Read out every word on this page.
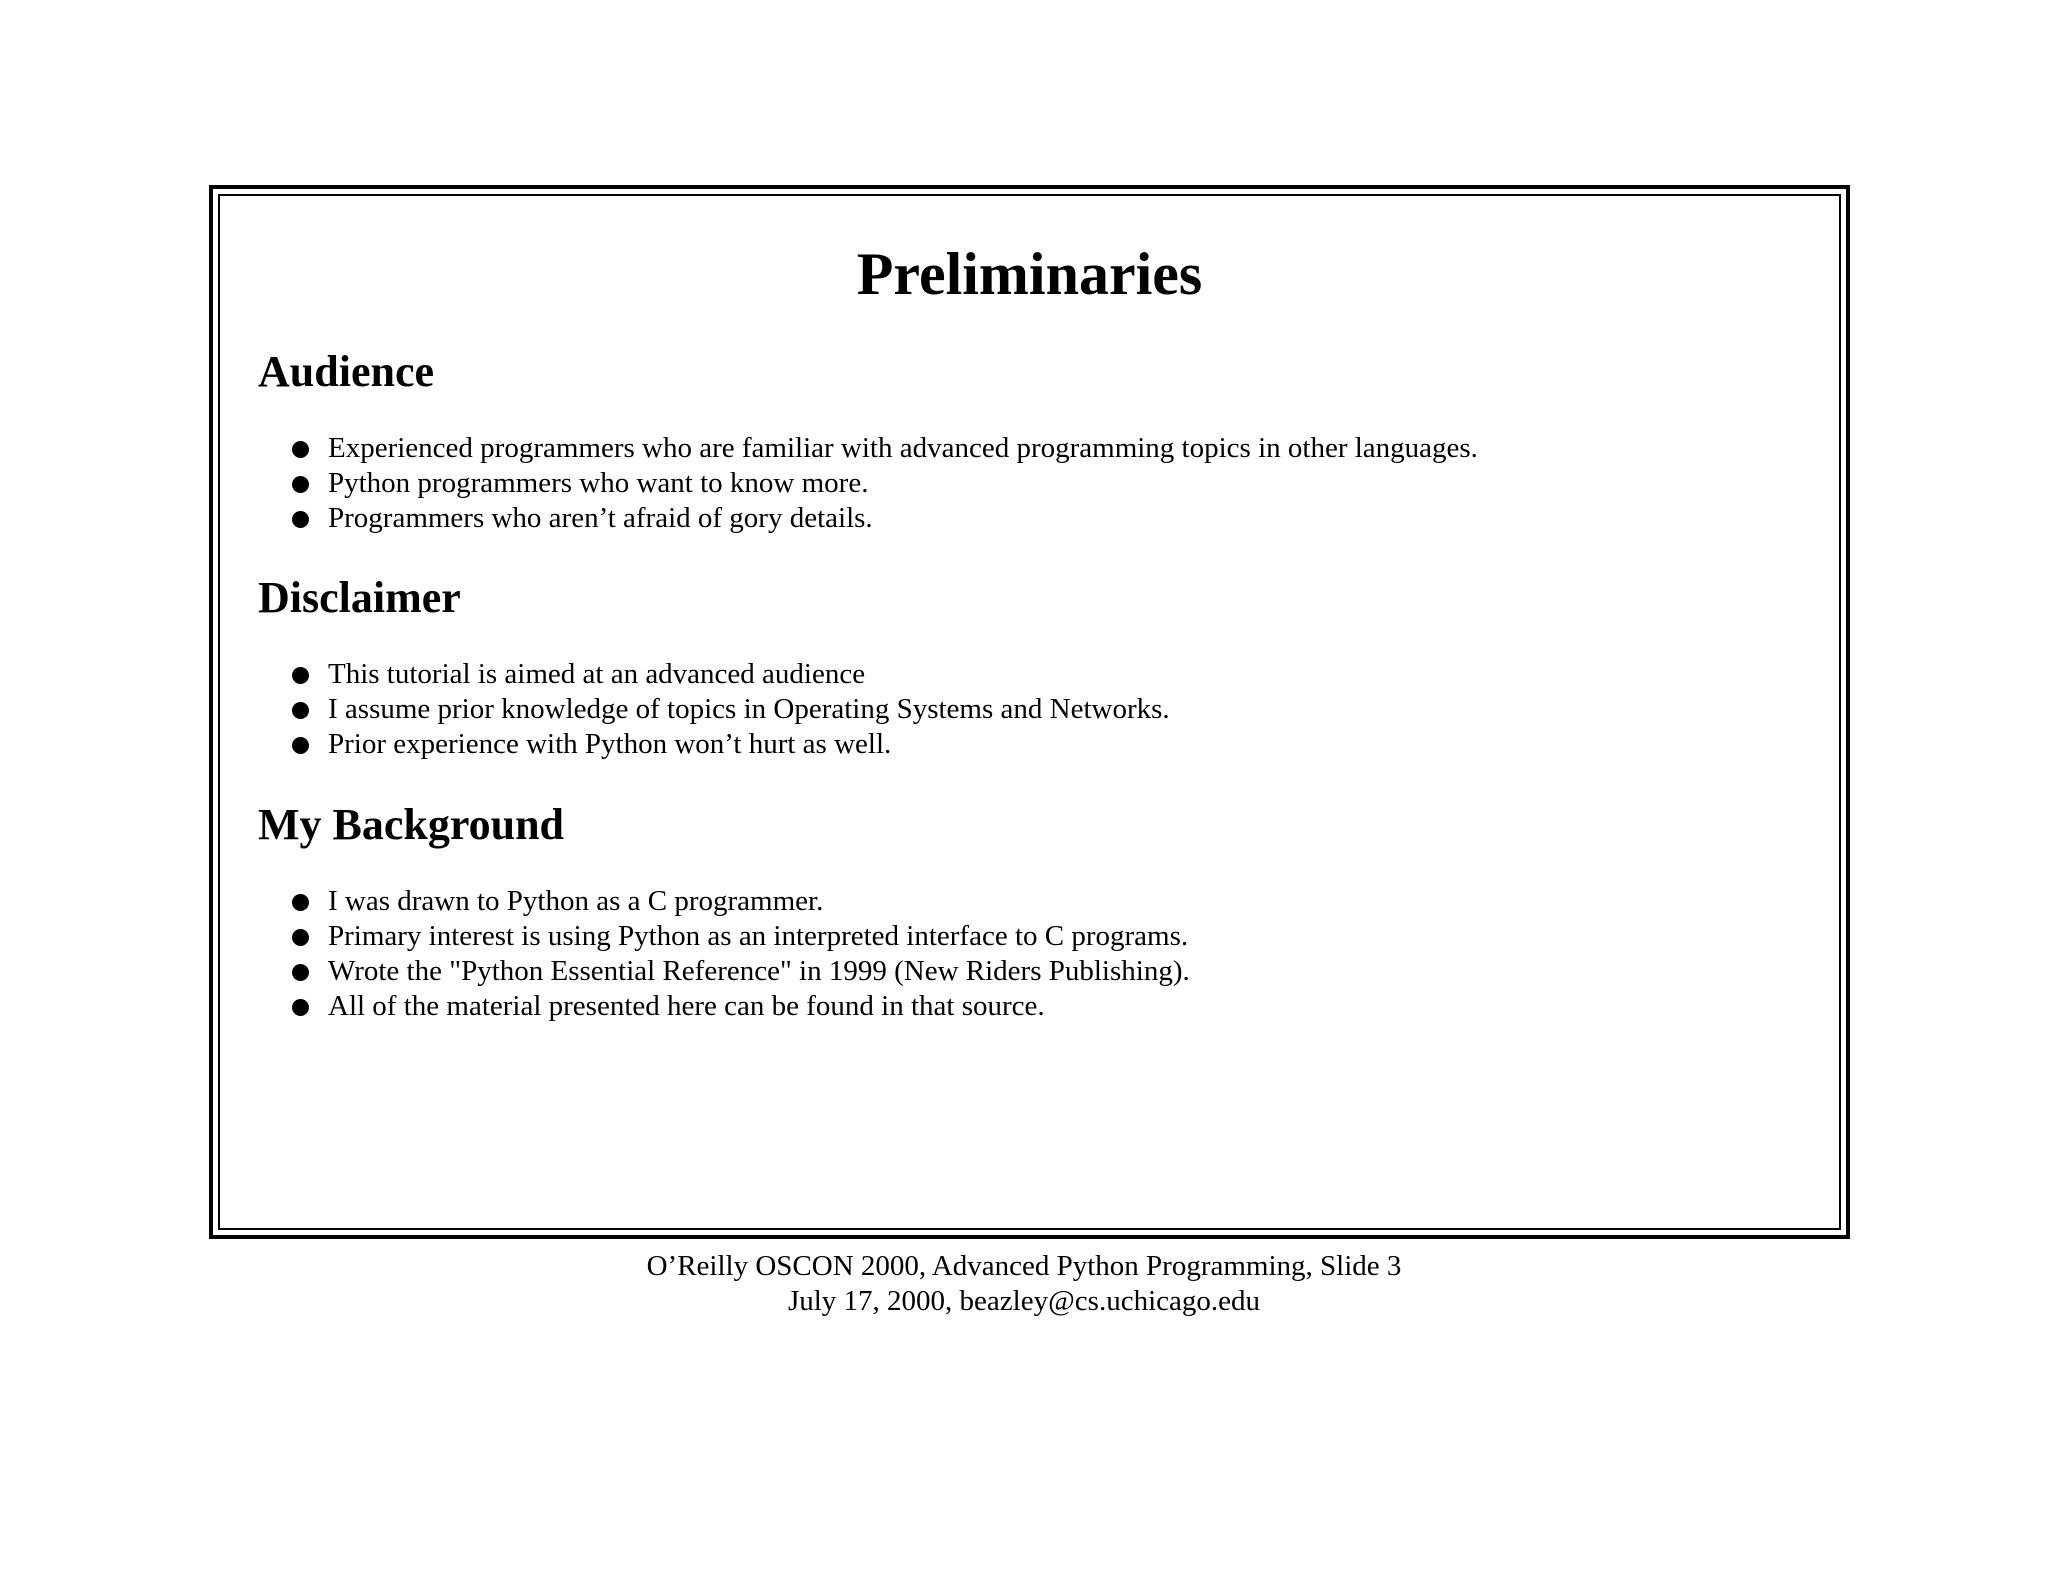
Preliminaries
Audience
Experienced programmers who are familiar with advanced programming topics in other languages.
Python programmers who want to know more.
Programmers who aren’t afraid of gory details.
Disclaimer
This tutorial is aimed at an advanced audience
I assume prior knowledge of topics in Operating Systems and Networks.
Prior experience with Python won’t hurt as well.
My Background
I was drawn to Python as a C programmer.
Primary interest is using Python as an interpreted interface to C programs.
Wrote the "Python Essential Reference" in 1999 (New Riders Publishing).
All of the material presented here can be found in that source.
O’Reilly OSCON 2000, Advanced Python Programming, Slide 3
July 17, 2000, beazley@cs.uchicago.edu
